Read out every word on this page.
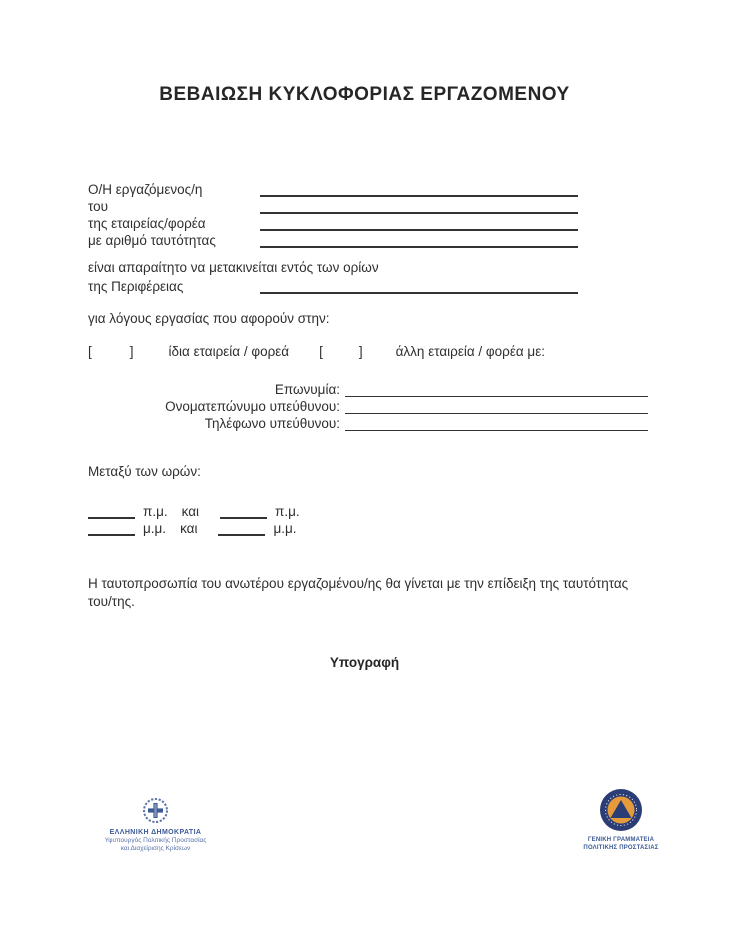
ΒΕΒΑΙΩΣΗ ΚΥΚΛΟΦΟΡΙΑΣ ΕΡΓΑΖΟΜΕΝΟΥ
Ο/Η εργαζόμενος/η
του
της εταιρείας/φορέα
με αριθμό ταυτότητας
είναι απαραίτητο να μετακινείται εντός των ορίων
της Περιφέρειας
για λόγους εργασίας που αφορούν στην:
[	]	ίδια εταιρεία / φορεά [	] άλλη εταιρεία / φορέα με:
Επωνυμία:
Ονοματεπώνυμο υπεύθυνου:
Τηλέφωνο υπεύθυνου:
Μεταξύ των ωρών:
π.μ. και	π.μ.
μ.μ. και	μ.μ.
Η ταυτοπροσωπία του ανωτέρου εργαζομένου/ης θα γίνεται με την επίδειξη της ταυτότητας του/της.
Υπογραφή
ΕΛΛΗΝΙΚΗ ΔΗΜΟΚΡΑΤΙΑ
Υφυπουργός Πολιτικής Προστασίας
και Διαχείρισης Κρίσεων
ΓΕΝΙΚΗ ΓΡΑΜΜΑΤΕΙΑ
ΠΟΛΙΤΙΚΗΣ ΠΡΟΣΤΑΣΙΑΣ
